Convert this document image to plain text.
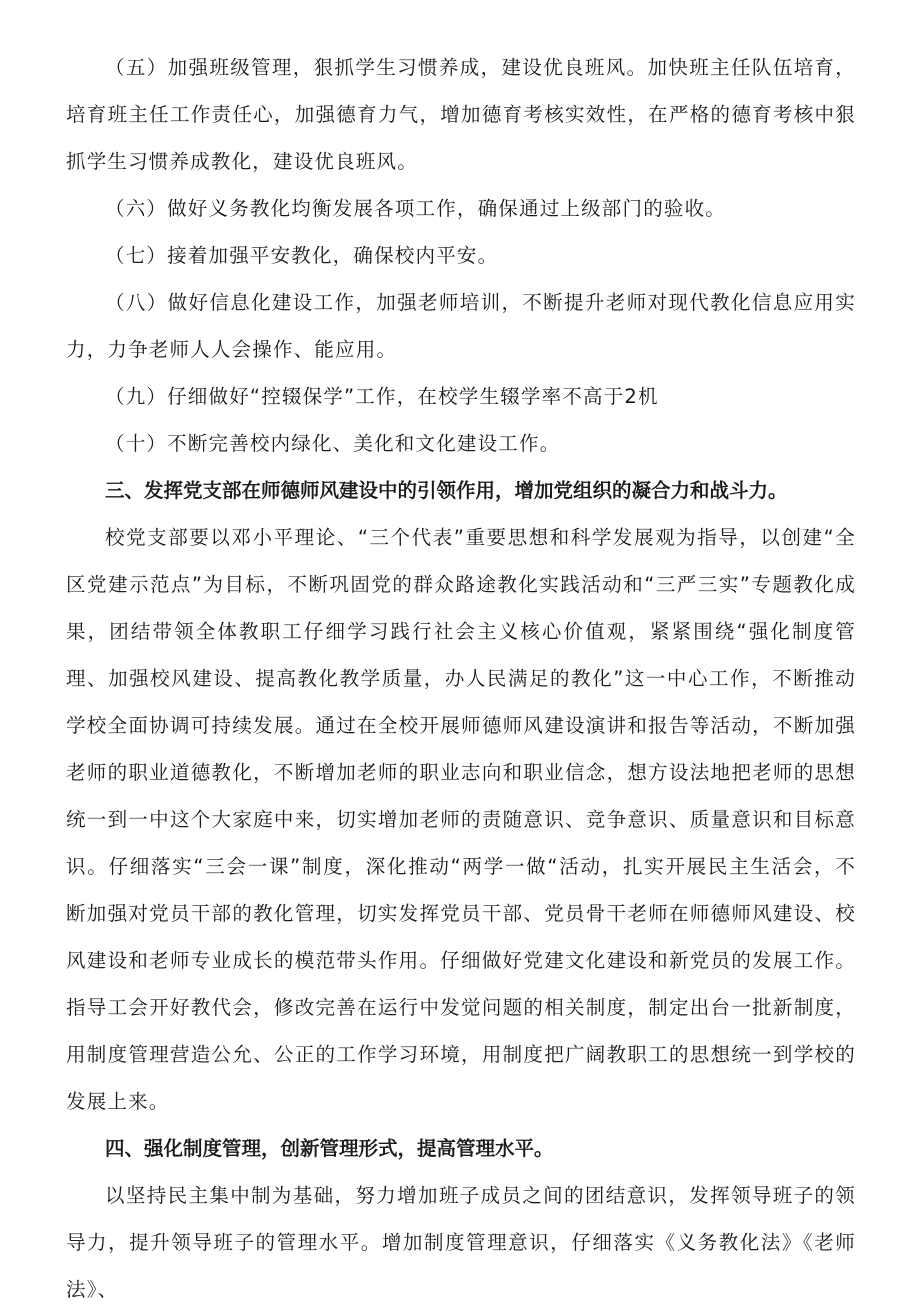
（五）加强班级管理，狠抓学生习惯养成，建设优良班风。加快班主任队伍培育，培育班主任工作责任心，加强德育力气，增加德育考核实效性，在严格的德育考核中狠抓学生习惯养成教化，建设优良班风。

（六）做好义务教化均衡发展各项工作，确保通过上级部门的验收。

（七）接着加强平安教化，确保校内平安。

（八）做好信息化建设工作，加强老师培训，不断提升老师对现代教化信息应用实力，力争老师人人会操作、能应用。

（九）仔细做好“控辍保学”工作，在校学生辍学率不高于2机

（十）不断完善校内绿化、美化和文化建设工作。

三、发挥党支部在师德师风建设中的引领作用，增加党组织的凝合力和战斗力。

校党支部要以邓小平理论、“三个代表”重要思想和科学发展观为指导，以创建“全区党建示范点”为目标，不断巩固党的群众路途教化实践活动和“三严三实”专题教化成果，团结带领全体教职工仔细学习践行社会主义核心价值观，紧紧围绕“强化制度管理、加强校风建设、提高教化教学质量，办人民满足的教化”这一中心工作，不断推动学校全面协调可持续发展。通过在全校开展师德师风建设演讲和报告等活动，不断加强老师的职业道德教化，不断增加老师的职业志向和职业信念，想方设法地把老师的思想统一到一中这个大家庭中来，切实增加老师的责随意识、竞争意识、质量意识和目标意识。仔细落实“三会一课”制度，深化推动“两学一做“活动，扎实开展民主生活会，不断加强对党员干部的教化管理，切实发挥党员干部、党员骨干老师在师德师风建设、校风建设和老师专业成长的模范带头作用。仔细做好党建文化建设和新党员的发展工作。指导工会开好教代会，修改完善在运行中发觉问题的相关制度，制定出台一批新制度，用制度管理营造公允、公正的工作学习环境，用制度把广阔教职工的思想统一到学校的发展上来。

四、强化制度管理，创新管理形式，提高管理水平。

以坚持民主集中制为基础，努力增加班子成员之间的团结意识，发挥领导班子的领导力，提升领导班子的管理水平。增加制度管理意识，仔细落实《义务教化法》《老师法》、
